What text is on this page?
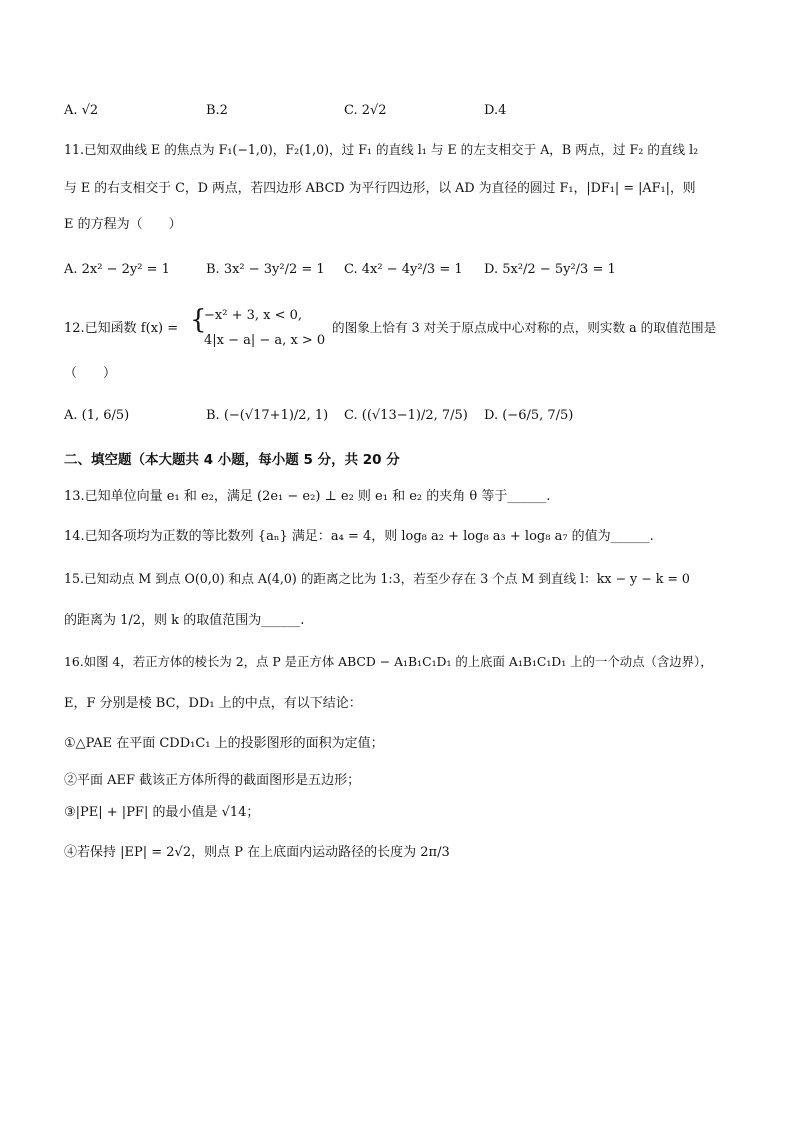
A. √2	B.2	C. 2√2	D.4
11.已知双曲线 E 的焦点为 F₁(−1,0)，F₂(1,0)，过 F₁ 的直线 l₁ 与 E 的左支相交于 A，B 两点，过 F₂ 的直线 l₂
与 E 的右支相交于 C，D 两点，若四边形 ABCD 为平行四边形，以 AD 为直径的圆过 F₁，|DF₁| = |AF₁|，则
E 的方程为（　　）
A. 2x² − 2y² = 1	B. 3x² − 3y²/2 = 1 C. 4x² − 4y²/3 = 1 D. 5x²/2 − 5y²/3 = 1
12.已知函数 f(x) = {
−x² + 3, x < 0,
4|x − a| − a, x > 0
的图象上恰有 3 对关于原点成中心对称的点，则实数 a 的取值范围是
（　　）
A. (1, 6/5)	B. (−(√17+1)/2, 1) C. ((√13−1)/2, 7/5) D. (−6/5, 7/5)
二、填空题（本大题共 4 小题，每小题 5 分，共 20 分
13.已知单位向量 e₁ 和 e₂，满足 (2e₁ − e₂) ⊥ e₂ 则 e₁ 和 e₂ 的夹角 θ 等于______.
14.已知各项均为正数的等比数列 {aₙ} 满足：a₄ = 4，则 log₈ a₂ + log₈ a₃ + log₈ a₇ 的值为______.
15.已知动点 M 到点 O(0,0) 和点 A(4,0) 的距离之比为 1:3，若至少存在 3 个点 M 到直线 l：kx − y − k = 0
的距离为 1/2，则 k 的取值范围为______.
16.如图 4，若正方体的棱长为 2，点 P 是正方体 ABCD − A₁B₁C₁D₁ 的上底面 A₁B₁C₁D₁ 上的一个动点（含边界），
E，F 分别是棱 BC，DD₁ 上的中点，有以下结论：
①△PAE 在平面 CDD₁C₁ 上的投影图形的面积为定值；
②平面 AEF 截该正方体所得的截面图形是五边形；
③|PE| + |PF| 的最小值是 √14；
④若保持 |EP| = 2√2，则点 P 在上底面内运动路径的长度为 2π/3
